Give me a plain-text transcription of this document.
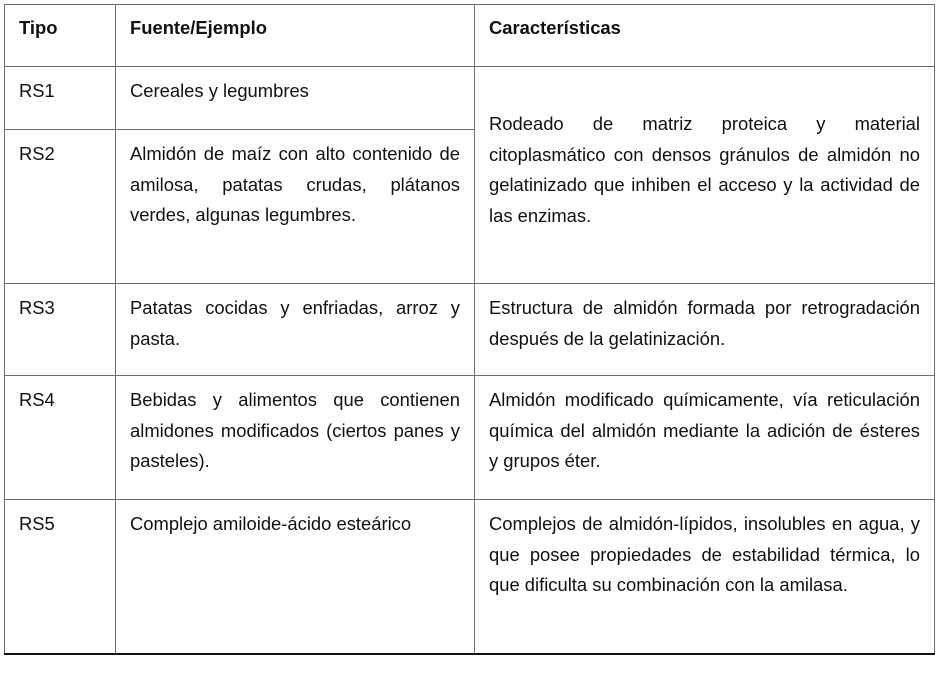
Tipo	Fuente/Ejemplo	Características
RS1	Cereales y legumbres	Rodeado de matriz proteica y material citoplasmático con densos gránulos de almidón no gelatinizado que inhiben el acceso y la actividad de las enzimas.
RS2	Almidón de maíz con alto contenido de amilosa, patatas crudas, plátanos verdes, algunas legumbres.	
RS3	Patatas cocidas y enfriadas, arroz y pasta.	Estructura de almidón formada por retrogradación después de la gelatinización.
RS4	Bebidas y alimentos que contienen almidones modificados (ciertos panes y pasteles).	Almidón modificado químicamente, vía reticulación química del almidón mediante la adición de ésteres y grupos éter.
RS5	Complejo amiloide-ácido esteárico	Complejos de almidón-lípidos, insolubles en agua, y que posee propiedades de estabilidad térmica, lo que dificulta su combinación con la amilasa.
